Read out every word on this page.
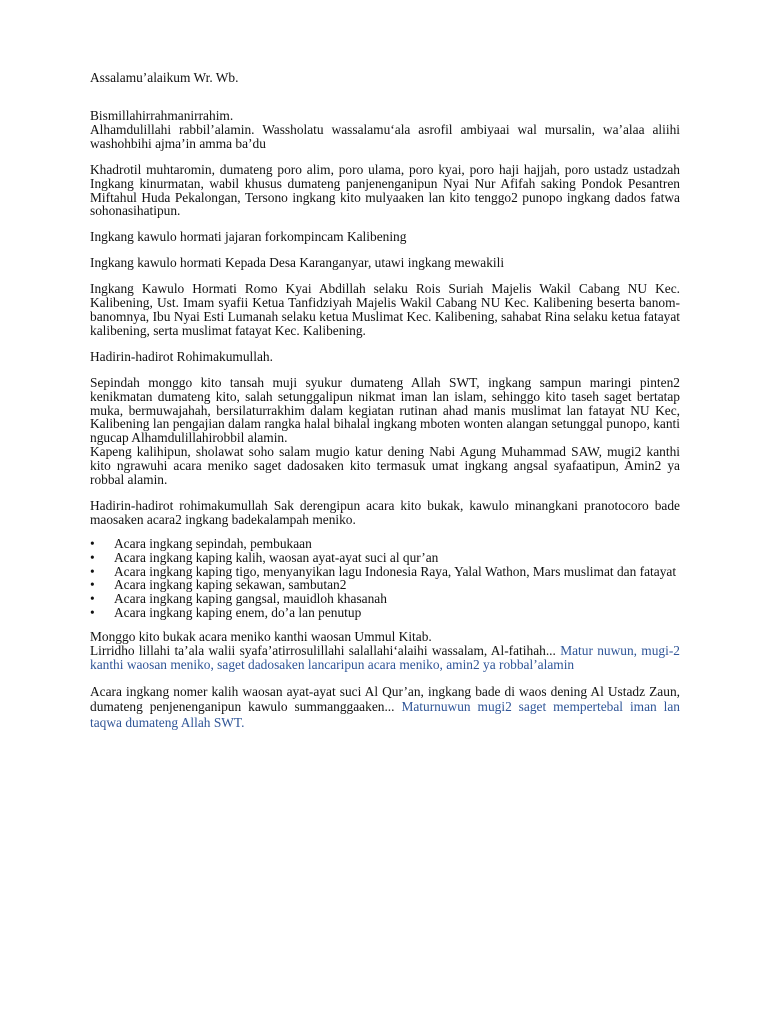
Assalamu’alaikum Wr. Wb.
Bismillahirrahmanirrahim.
Alhamdulillahi rabbil’alamin. Wassholatu wassalamu‘ala asrofil ambiyaai wal mursalin, wa’alaa aliihi washohbihi ajma’in amma ba’du
Khadrotil muhtaromin, dumateng poro alim, poro ulama, poro kyai, poro haji hajjah, poro ustadz ustadzah Ingkang kinurmatan, wabil khusus dumateng panjenenganipun Nyai Nur Afifah saking Pondok Pesantren Miftahul Huda Pekalongan, Tersono ingkang kito mulyaaken lan kito tenggo2 punopo ingkang dados fatwa sohonasihatipun.
Ingkang kawulo hormati jajaran forkompincam Kalibening
Ingkang kawulo hormati Kepada Desa Karanganyar, utawi ingkang mewakili
Ingkang Kawulo Hormati Romo Kyai Abdillah selaku Rois Suriah Majelis Wakil Cabang NU Kec. Kalibening, Ust. Imam syafii Ketua Tanfidziyah Majelis Wakil Cabang NU Kec. Kalibening beserta banom-banomnya, Ibu Nyai Esti Lumanah selaku ketua Muslimat Kec. Kalibening, sahabat Rina selaku ketua fatayat kalibening, serta muslimat fatayat Kec. Kalibening.
Hadirin-hadirot Rohimakumullah.
Sepindah monggo kito tansah muji syukur dumateng Allah SWT, ingkang sampun maringi pinten2 kenikmatan dumateng kito, salah setunggalipun nikmat iman lan islam, sehinggo kito taseh saget bertatap muka, bermuwajahah, bersilaturrakhim dalam kegiatan rutinan ahad manis muslimat lan fatayat NU Kec, Kalibening lan pengajian dalam rangka halal bihalal ingkang mboten wonten alangan setunggal punopo, kanti ngucap Alhamdulillahirobbil alamin.
Kapeng kalihipun, sholawat soho salam mugio katur dening Nabi Agung Muhammad SAW, mugi2 kanthi kito ngrawuhi acara meniko saget dadosaken kito termasuk umat ingkang angsal syafaatipun, Amin2 ya robbal alamin.
Hadirin-hadirot rohimakumullah Sak derengipun acara kito bukak, kawulo minangkani pranotocoro bade maosaken acara2 ingkang badekalampah meniko.
• Acara ingkang sepindah, pembukaan
• Acara ingkang kaping kalih, waosan ayat-ayat suci al qur’an
• Acara ingkang kaping tigo, menyanyikan lagu Indonesia Raya, Yalal Wathon, Mars muslimat dan fatayat
• Acara ingkang kaping sekawan, sambutan2
• Acara ingkang kaping gangsal, mauidloh khasanah
• Acara ingkang kaping enem, do’a lan penutup
Monggo kito bukak acara meniko kanthi waosan Ummul Kitab.
Lirridho lillahi ta’ala walii syafa’atirrosulillahi salallahi‘alaihi wassalam, Al-fatihah... Matur nuwun, mugi-2 kanthi waosan meniko, saget dadosaken lancaripun acara meniko, amin2 ya robbal’alamin
Acara ingkang nomer kalih waosan ayat-ayat suci Al Qur’an, ingkang bade di waos dening Al Ustadz Zaun, dumateng penjenenganipun kawulo summanggaaken... Maturnuwun mugi2 saget mempertebal iman lan taqwa dumateng Allah SWT.
